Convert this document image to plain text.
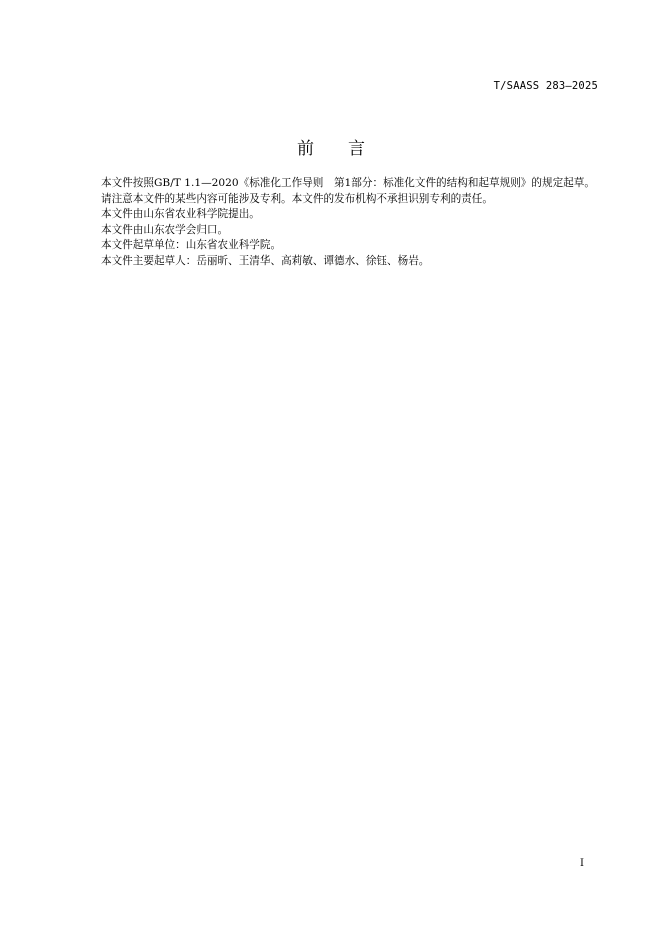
T/SAASS 283—2025
前言

本文件按照GB/T 1.1—2020《标准化工作导则　第1部分：标准化文件的结构和起草规则》的规定起草。

请注意本文件的某些内容可能涉及专利。本文件的发布机构不承担识别专利的责任。

本文件由山东省农业科学院提出。

本文件由山东农学会归口。

本文件起草单位：山东省农业科学院。

本文件主要起草人：岳丽昕、王清华、高莉敏、谭德水、徐钰、杨岩。

I
